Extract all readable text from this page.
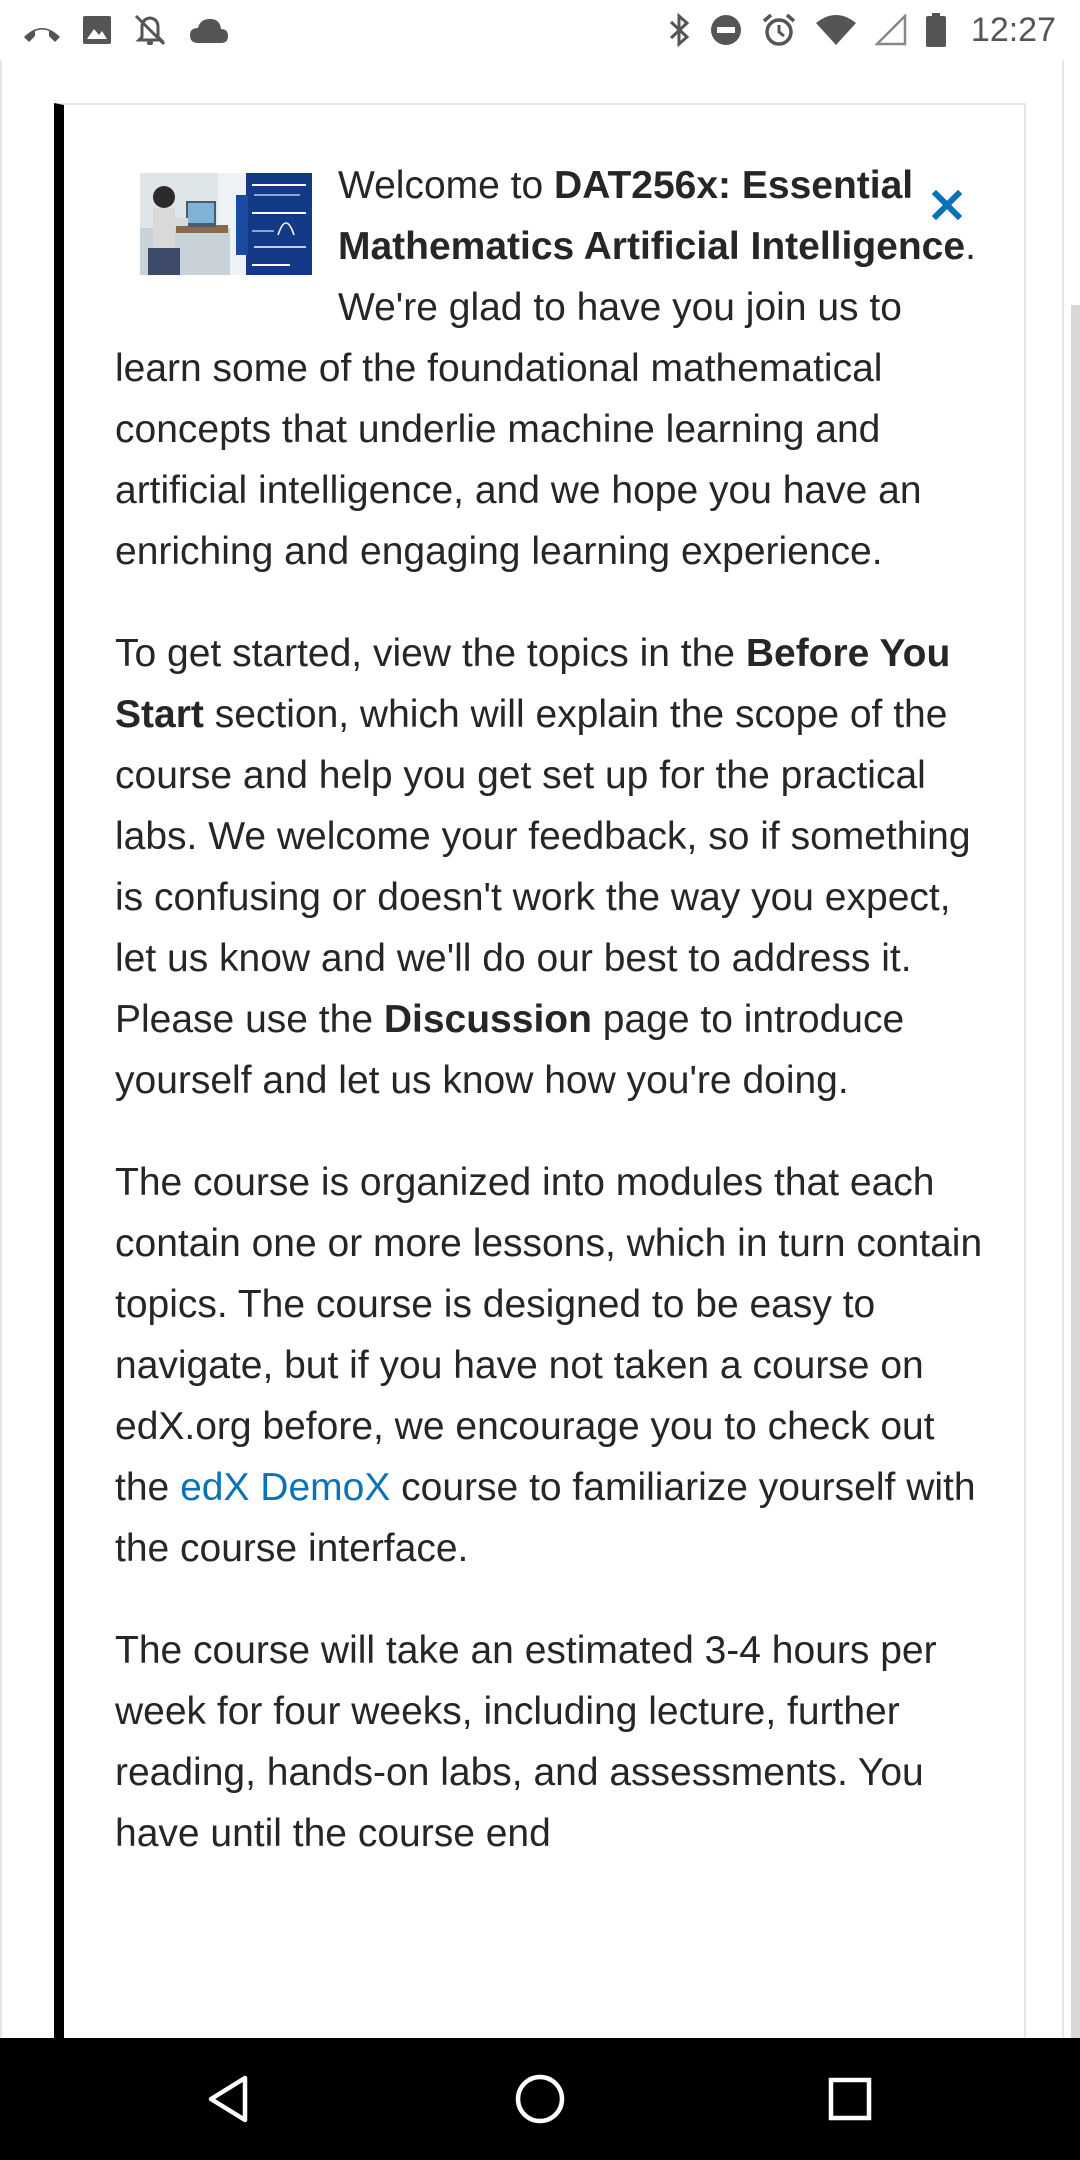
12:27

Welcome to DAT256x: Essential Mathematics Artificial Intelligence. We're glad to have you join us to learn some of the foundational mathematical concepts that underlie machine learning and artificial intelligence, and we hope you have an enriching and engaging learning experience.

To get started, view the topics in the Before You Start section, which will explain the scope of the course and help you get set up for the practical labs. We welcome your feedback, so if something is confusing or doesn't work the way you expect, let us know and we'll do our best to address it. Please use the Discussion page to introduce yourself and let us know how you're doing.

The course is organized into modules that each contain one or more lessons, which in turn contain topics. The course is designed to be easy to navigate, but if you have not taken a course on edX.org before, we encourage you to check out the edX DemoX course to familiarize yourself with the course interface.

The course will take an estimated 3-4 hours per week for four weeks, including lecture, further reading, hands-on labs, and assessments. You have until the course end
